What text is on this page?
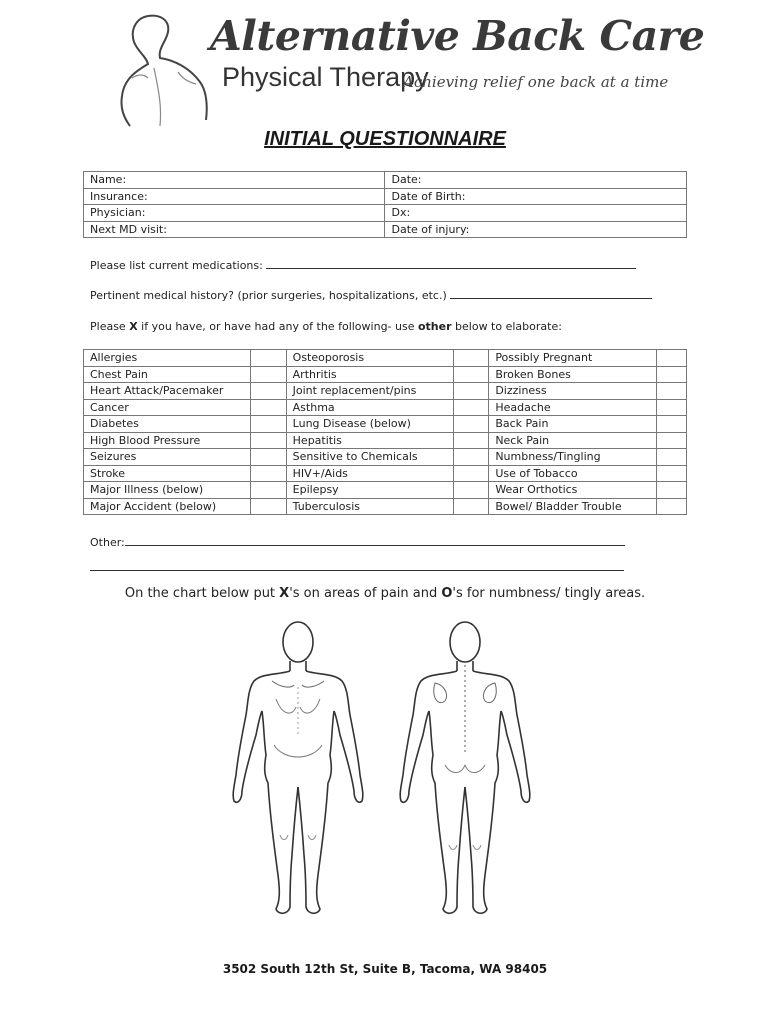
Alternative Back Care
Physical Therapy
Achieving relief one back at a time
INITIAL QUESTIONNAIRE
Name:	Date:
Insurance:	Date of Birth:
Physician:	Dx:
Next MD visit:	Date of injury:
Please list current medications:
Pertinent medical history? (prior surgeries, hospitalizations, etc.)
Please X if you have, or have had any of the following- use other below to elaborate:
Allergies		Osteoporosis		Possibly Pregnant	
Chest Pain		Arthritis		Broken Bones	
Heart Attack/Pacemaker		Joint replacement/pins		Dizziness	
Cancer		Asthma		Headache	
Diabetes		Lung Disease (below)		Back Pain	
High Blood Pressure		Hepatitis		Neck Pain	
Seizures		Sensitive to Chemicals		Numbness/Tingling	
Stroke		HIV+/Aids		Use of Tobacco	
Major Illness (below)		Epilepsy		Wear Orthotics	
Major Accident (below)		Tuberculosis		Bowel/ Bladder Trouble	
Other:
On the chart below put X's on areas of pain and O's for numbness/ tingly areas.
3502 South 12th St, Suite B, Tacoma, WA 98405
